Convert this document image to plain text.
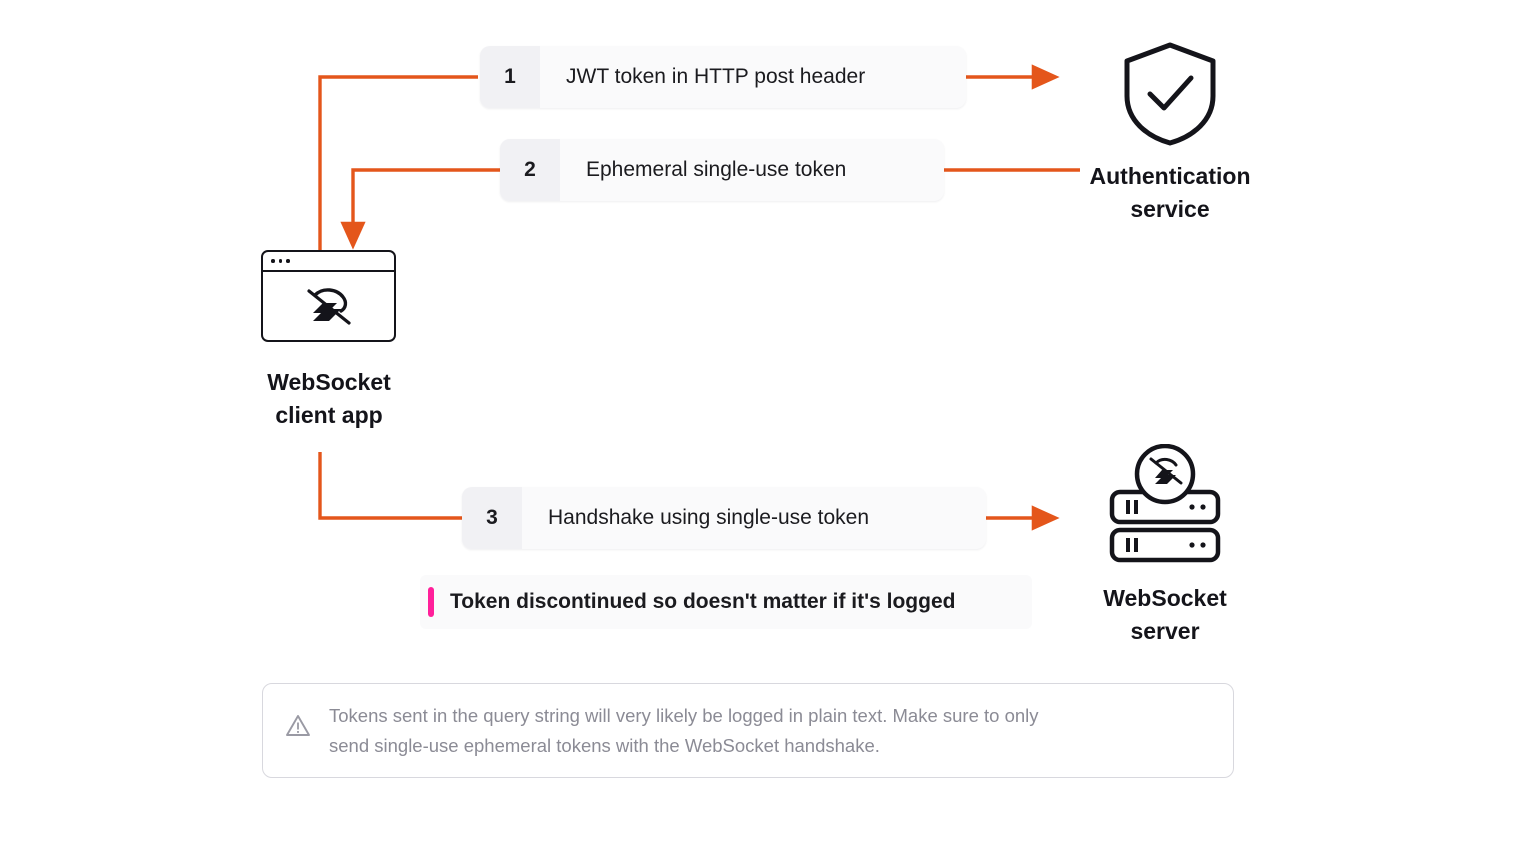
1	JWT token in HTTP post header
2	Ephemeral single-use token
3	Handshake using single-use token
Token discontinued so doesn't matter if it's logged
WebSocket
client app
Authentication
service
WebSocket
server
Tokens sent in the query string will very likely be logged in plain text. Make sure to only
send single-use ephemeral tokens with the WebSocket handshake.
